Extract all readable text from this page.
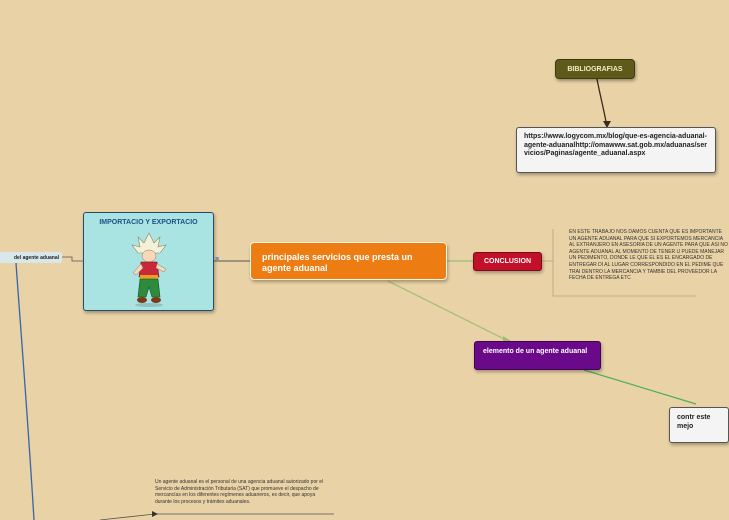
BIBLIOGRAFIAS
https://www.logycom.mx/blog/que-es-agencia-aduanal-agente-aduanalhttp://omawww.sat.gob.mx/aduanas/servicios/Paginas/agente_aduanal.aspx
IMPORTACIO Y EXPORTACIO
≡	principales servicios que presta un agente aduanal
CONCLUSION
EN ESTE TRABAJO NOS DAMOS CUENTA QUE ES IMPORTANTE UN AGENTE ADUANAL PARA QUE SI EXPORTEMOS MERCANCIA AL EXTRANJERO EN ASESORIA DE UN AGENTE PARA QUE ASI NO AGENTE ADUANAL AL MOMENTO DE TENER U PUEDE MANEJAR UN PEDIMENTO, DONDE LE QUE EL ES EL ENCARGADO DE ENTREGAR DI AL LUGAR CORRESPONDIDO EN EL PEDIME QUE TRAI DENTRO LA MERCANCIA Y TAMBIE DEL PROVEEDOR LA FECHA DE ENTREGA ETC
elemento de un agente aduanal
contr este mejo
del agente aduanal
Un agente aduanal es el personal de una agencia aduanal autorizado por el Servicio de Administración Tributaria (SAT) que promueve el despacho de mercancías en los diferentes regímenes aduaneros, es decir, que apoya durante los procesos y trámites aduanales.
